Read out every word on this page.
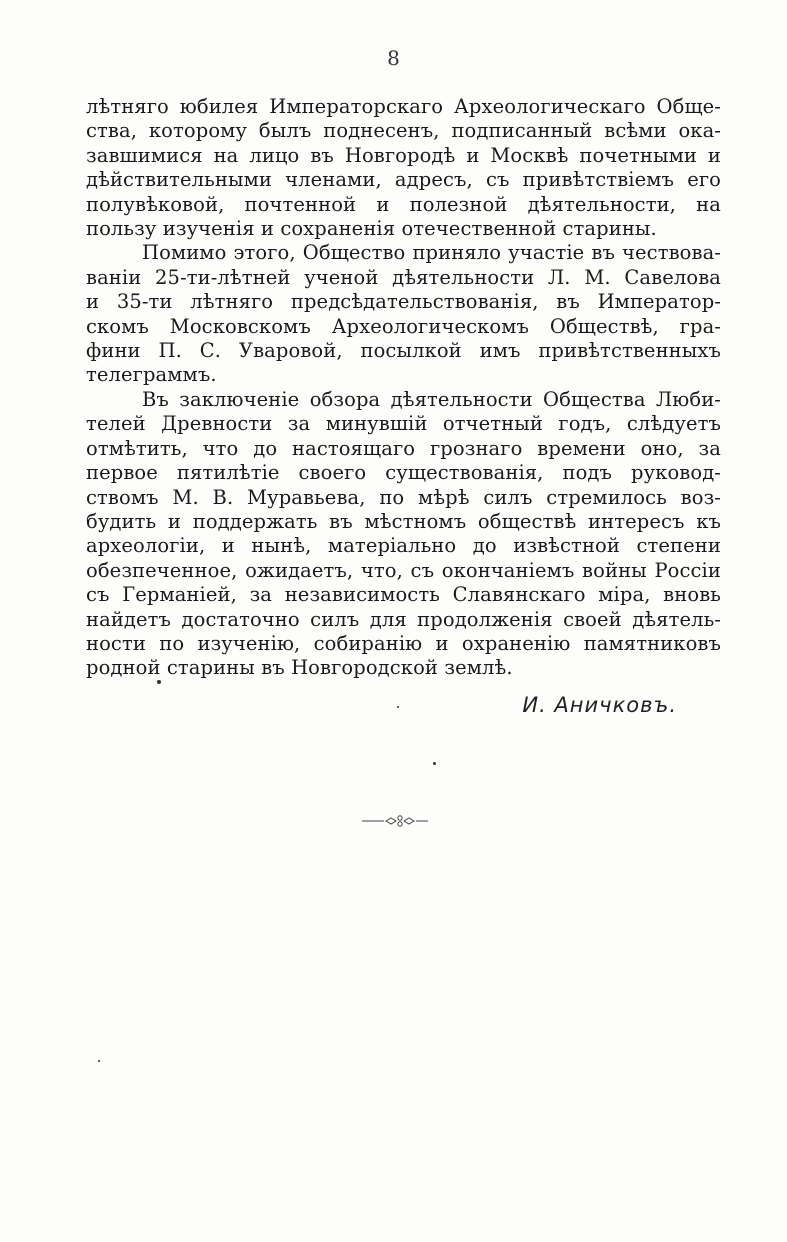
8
лѣтняго юбилея Императорскаго Археологическаго Обще-
ства, которому былъ поднесенъ, подписанный всѣми ока-
завшимися на лицо въ Новгородѣ и Москвѣ почетными и
дѣйствительными членами, адресъ, съ привѣтствіемъ его
полувѣковой, почтенной и полезной дѣятельности, на
пользу изученія и сохраненія отечественной старины.
Помимо этого, Общество приняло участіе въ чествова-
ваніи 25-ти-лѣтней ученой дѣятельности Л. М. Савелова
и 35-ти лѣтняго предсѣдательствованія, въ Император-
скомъ Московскомъ Археологическомъ Обществѣ, гра-
фини П. С. Уваровой, посылкой имъ привѣтственныхъ
телеграммъ.
Въ заключеніе обзора дѣятельности Общества Люби-
телей Древности за минувшій отчетный годъ, слѣдуетъ
отмѣтить, что до настоящаго грознаго времени оно, за
первое пятилѣтіе своего существованія, подъ руковод-
ствомъ М. В. Муравьева, по мѣрѣ силъ стремилось воз-
будить и поддержать въ мѣстномъ обществѣ интересъ къ
археологіи, и нынѣ, матеріально до извѣстной степени
обезпеченное, ожидаетъ, что, съ окончаніемъ войны Россіи
съ Германіей, за независимость Славянскаго міра, вновь
найдетъ достаточно силъ для продолженія своей дѣятель-
ности по изученію, собиранію и охраненію памятниковъ
родной старины въ Новгородской землѣ.
И. Аничковъ.
